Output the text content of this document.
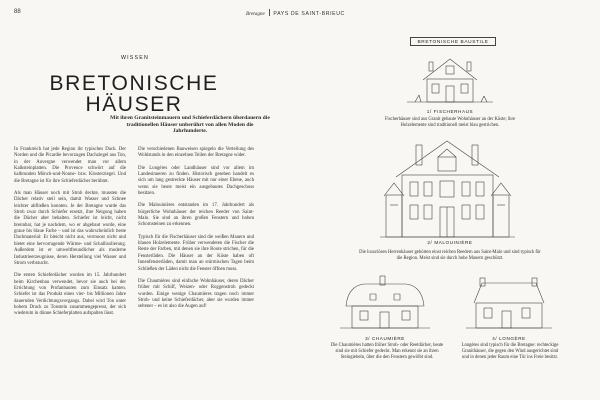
88	Bretagne PAYS DE SAINT-BRIEUC
WISSEN
BRETONISCHE
HÄUSER
Mit ihren Granitsteinmauern und Schieferdächern überdauern die traditionellen Häuser unberührt von allen Moden die Jahrhunderte.

In Frankreich hat jede Region ihr typisches Dach. Der Norden und die Picardie bevorzugen Dachziegel aus Ton, in der Auvergne verwendet man vor allem Kalksteinplatten. Die Provence schwört auf die halbrunden Mönch-und-Nonne- bzw. Klosterziegel. Und die Bretagne ist für ihre Schieferdächer berühmt.

Als man Häuser noch mit Stroh deckte, mussten die Dächer relativ steil sein, damit Wasser und Schnee leichter abfließen konnten. Je der Bretagne wurde das Stroh zwar durch Schiefer ersetzt, ihre Neigung haben die Dächer aber behalten. Schiefer ist leicht, nicht brennbar, hat je nachdem, wo er abgebaut wurde, eine graue bis blaue Farbe – und ist das wahrscheinlich beste Dachmaterial: Er bleicht nicht aus, vermoost nicht und bietet eine hervorragende Wärme- und Schallisolierung. Außerdem ist er umweltfreundlicher als moderne Industrieerzeugnisse, deren Herstellung viel Wasser und Strom verbraucht.

Die ersten Schieferdächer wurden im 15. Jahrhundert beim Kirchenbau verwendet, bevor sie auch bei der Errichtung von Profanbauten zum Einsatz kamen. Schiefer ist das Produkt eines vier- bis Millionen Jahre dauernden Verdichtungsvorgangs. Dabei wird Ton unter hohem Druck zu Tonstein zusammengepresst, der sich wiederum in dünne Schieferplatten aufspalten lässt.

Die verschiedenen Bauweisen spiegeln die Verteilung des Wohlstands in den einzelnen Teilen der Bretagne wider.

Die Longères oder Landhäuser sind vor allem im Landesinneren zu finden. Historisch gesehen handelt es sich um lang gestreckte Häuser mit nur einer Ebene, auch wenn sie heute meist ein ausgebautes Dachgeschoss besitzen.

Die Malouinières entstanden im 17. Jahrhundert als bürgerliche Wohnhäuser der reichen Reeder von Saint-Malo. Sie sind an ihren großen Fenstern und hohen Schornsteinen zu erkennen.

Typisch für die Fischerhäuser sind die weißen Mauern und blauen Holzelemente. Früher verwendeten die Fischer die Reste der Farben, mit denen sie ihre Boote strichen, für die Fensterläden. Die Häuser an der Küste haben oft Innenfensterläden, damit man an stürmischen Tagen beim Schließen der Läden nicht die Fenster öffnen muss.

Die Chaumières sind einfache Wohnhäuser, deren Dächer früher mit Schilf, Weizen- oder Roggenstroh gedeckt wurden. Einige wenige Chaumières tragen noch immer Stroh- und keine Schieferdächer, aber sie wurden immer seltener – es ist also die Augen auf!

BRETONISCHE BAUSTILE
1/ FISCHERHAUS
Fischerhäuser sind aus Granit gebaute Wohnhäuser an der Küste; ihre Holzelemente sind traditionell meist blau gestrichen.
2/ MALOUINIÈRE
Die luxuriösen Herrenhäuser gehörten einst reichen Reedern aus Saint-Malo und sind typisch für die Region. Meist sind sie durch hohe Mauern geschützt.
3/ CHAUMIÈRE
Die Chaumières hatten früher Stroh- oder Reetdächer, heute sind sie mit Schiefer gedeckt. Man erkennt sie an ihren Steingiebeln, über die den Fenstern gewölbt sind.
4/ LONGÈRE
Longères sind typisch für die Bretagne: rechteckige Granithäuser, die gegen den Wind ausgerichtet sind und in denen jeder Raum eine Tür ins Freie besitzt.
